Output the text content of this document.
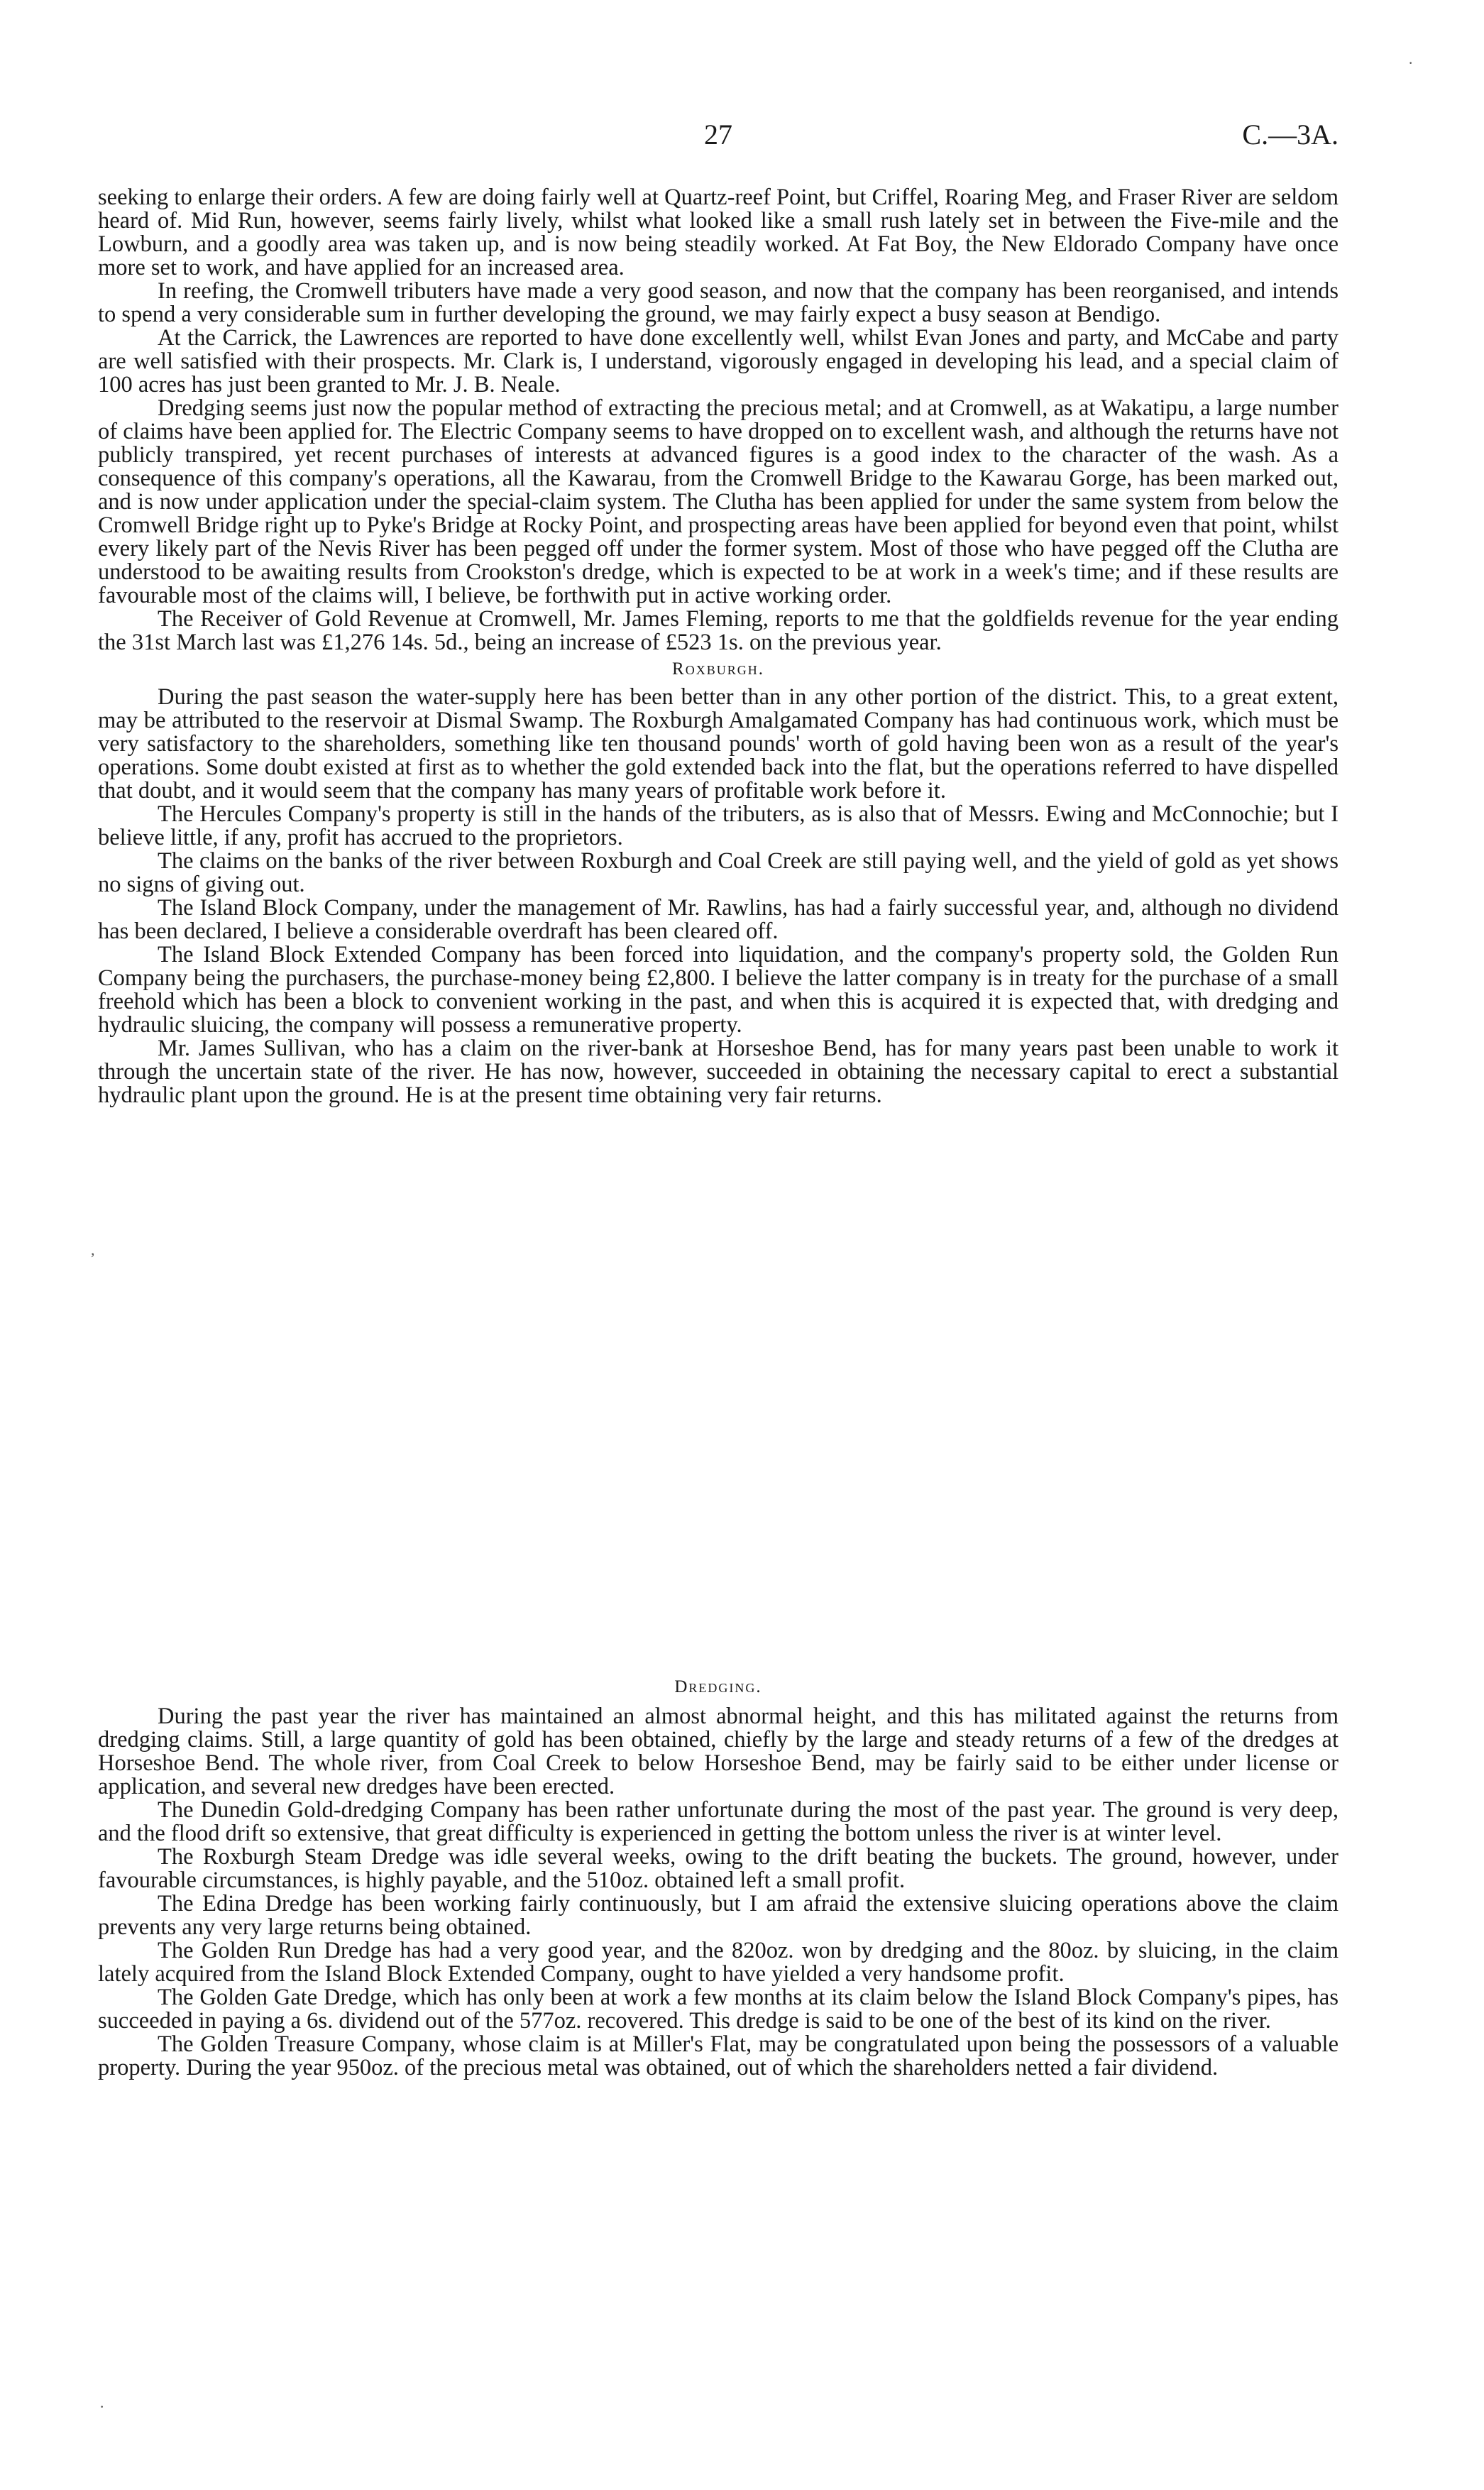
27	C.—3A.

seeking to enlarge their orders. A few are doing fairly well at Quartz-reef Point, but Criffel, Roaring Meg, and Fraser River are seldom heard of. Mid Run, however, seems fairly lively, whilst what looked like a small rush lately set in between the Five-mile and the Lowburn, and a goodly area was taken up, and is now being steadily worked. At Fat Boy, the New Eldorado Company have once more set to work, and have applied for an increased area.

In reefing, the Cromwell tributers have made a very good season, and now that the company has been reorganised, and intends to spend a very considerable sum in further developing the ground, we may fairly expect a busy season at Bendigo.

At the Carrick, the Lawrences are reported to have done excellently well, whilst Evan Jones and party, and McCabe and party are well satisfied with their prospects. Mr. Clark is, I understand, vigorously engaged in developing his lead, and a special claim of 100 acres has just been granted to Mr. J. B. Neale.

Dredging seems just now the popular method of extracting the precious metal; and at Cromwell, as at Wakatipu, a large number of claims have been applied for. The Electric Company seems to have dropped on to excellent wash, and although the returns have not publicly transpired, yet recent purchases of interests at advanced figures is a good index to the character of the wash. As a consequence of this company's operations, all the Kawarau, from the Cromwell Bridge to the Kawarau Gorge, has been marked out, and is now under application under the special-claim system. The Clutha has been applied for under the same system from below the Cromwell Bridge right up to Pyke's Bridge at Rocky Point, and prospecting areas have been applied for beyond even that point, whilst every likely part of the Nevis River has been pegged off under the former system. Most of those who have pegged off the Clutha are understood to be awaiting results from Crookston's dredge, which is expected to be at work in a week's time; and if these results are favourable most of the claims will, I believe, be forthwith put in active working order.

The Receiver of Gold Revenue at Cromwell, Mr. James Fleming, reports to me that the goldfields revenue for the year ending the 31st March last was £1,276 14s. 5d., being an increase of £523 1s. on the previous year.

Roxburgh.

During the past season the water-supply here has been better than in any other portion of the district. This, to a great extent, may be attributed to the reservoir at Dismal Swamp. The Roxburgh Amalgamated Company has had continuous work, which must be very satisfactory to the shareholders, something like ten thousand pounds' worth of gold having been won as a result of the year's operations. Some doubt existed at first as to whether the gold extended back into the flat, but the operations referred to have dispelled that doubt, and it would seem that the company has many years of profitable work before it.

The Hercules Company's property is still in the hands of the tributers, as is also that of Messrs. Ewing and McConnochie; but I believe little, if any, profit has accrued to the proprietors.

The claims on the banks of the river between Roxburgh and Coal Creek are still paying well, and the yield of gold as yet shows no signs of giving out.

The Island Block Company, under the management of Mr. Rawlins, has had a fairly successful year, and, although no dividend has been declared, I believe a considerable overdraft has been cleared off.

The Island Block Extended Company has been forced into liquidation, and the company's property sold, the Golden Run Company being the purchasers, the purchase-money being £2,800. I believe the latter company is in treaty for the purchase of a small freehold which has been a block to convenient working in the past, and when this is acquired it is expected that, with dredging and hydraulic sluicing, the company will possess a remunerative property.

Mr. James Sullivan, who has a claim on the river-bank at Horseshoe Bend, has for many years past been unable to work it through the uncertain state of the river. He has now, however, succeeded in obtaining the necessary capital to erect a substantial hydraulic plant upon the ground. He is at the present time obtaining very fair returns.

Dredging.

During the past year the river has maintained an almost abnormal height, and this has militated against the returns from dredging claims. Still, a large quantity of gold has been obtained, chiefly by the large and steady returns of a few of the dredges at Horseshoe Bend. The whole river, from Coal Creek to below Horseshoe Bend, may be fairly said to be either under license or application, and several new dredges have been erected.

The Dunedin Gold-dredging Company has been rather unfortunate during the most of the past year. The ground is very deep, and the flood drift so extensive, that great difficulty is experienced in getting the bottom unless the river is at winter level.

The Roxburgh Steam Dredge was idle several weeks, owing to the drift beating the buckets. The ground, however, under favourable circumstances, is highly payable, and the 510oz. obtained left a small profit.

The Edina Dredge has been working fairly continuously, but I am afraid the extensive sluicing operations above the claim prevents any very large returns being obtained.

The Golden Run Dredge has had a very good year, and the 820oz. won by dredging and the 80oz. by sluicing, in the claim lately acquired from the Island Block Extended Company, ought to have yielded a very handsome profit.

The Golden Gate Dredge, which has only been at work a few months at its claim below the Island Block Company's pipes, has succeeded in paying a 6s. dividend out of the 577oz. recovered. This dredge is said to be one of the best of its kind on the river.

The Golden Treasure Company, whose claim is at Miller's Flat, may be congratulated upon being the possessors of a valuable property. During the year 950oz. of the precious metal was obtained, out of which the shareholders netted a fair dividend.

·
,
·
